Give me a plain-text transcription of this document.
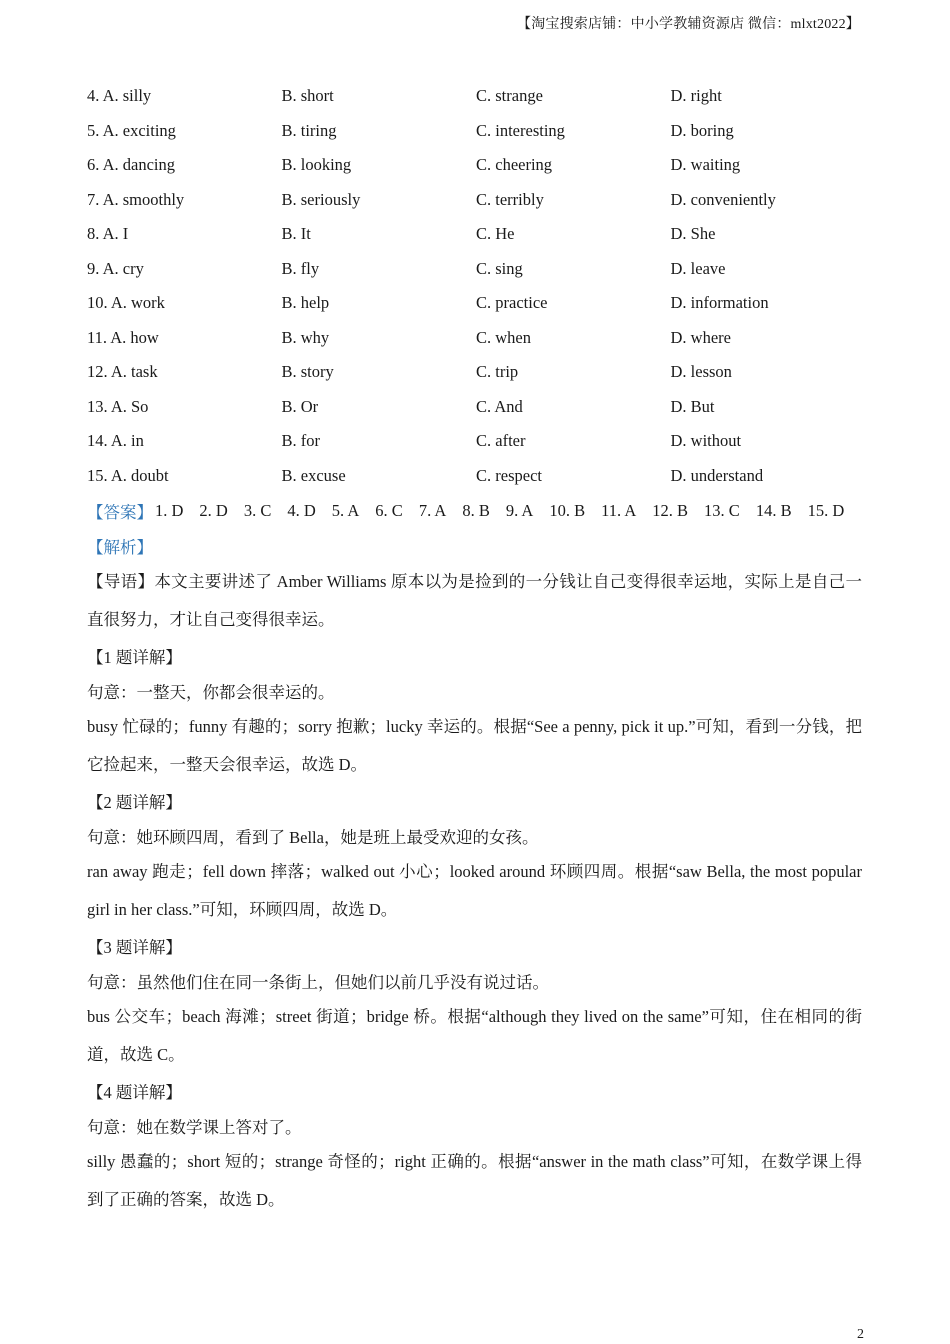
【淘宝搜索店铺：中小学教辅资源店 微信：mlxt2022】
4. A. silly	B. short	C. strange	D. right
5. A. exciting	B. tiring	C. interesting	D. boring
6. A. dancing	B. looking	C. cheering	D. waiting
7. A. smoothly	B. seriously	C. terribly	D. conveniently
8. A. I	B. It	C. He	D. She
9. A. cry	B. fly	C. sing	D. leave
10. A. work	B. help	C. practice	D. information
11. A. how	B. why	C. when	D. where
12. A. task	B. story	C. trip	D. lesson
13. A. So	B. Or	C. And	D. But
14. A. in	B. for	C. after	D. without
15. A. doubt	B. excuse	C. respect	D. understand
【答案】 1. D 2. D 3. C 4. D 5. A 6. C 7. A 8. B 9. A 10. B 11. A 12. B 13. C 14. B 15. D
【解析】

【导语】本文主要讲述了 Amber Williams 原本以为是捡到的一分钱让自己变得很幸运地，实际上是自己一直很努力，才让自己变得很幸运。

【1 题详解】
句意：一整天，你都会很幸运的。

busy 忙碌的；funny 有趣的；sorry 抱歉；lucky 幸运的。根据“See a penny, pick it up.”可知，看到一分钱，把它捡起来，一整天会很幸运，故选 D。

【2 题详解】
句意：她环顾四周，看到了 Bella，她是班上最受欢迎的女孩。

ran away 跑走；fell down 摔落；walked out 小心；looked around 环顾四周。根据“saw Bella, the most popular girl in her class.”可知，环顾四周，故选 D。

【3 题详解】
句意：虽然他们住在同一条街上，但她们以前几乎没有说过话。

bus 公交车；beach 海滩；street 街道；bridge 桥。根据“although they lived on the same”可知，住在相同的街道，故选 C。

【4 题详解】
句意：她在数学课上答对了。

silly 愚蠢的；short 短的；strange 奇怪的；right 正确的。根据“answer in the math class”可知，在数学课上得到了正确的答案，故选 D。

2
